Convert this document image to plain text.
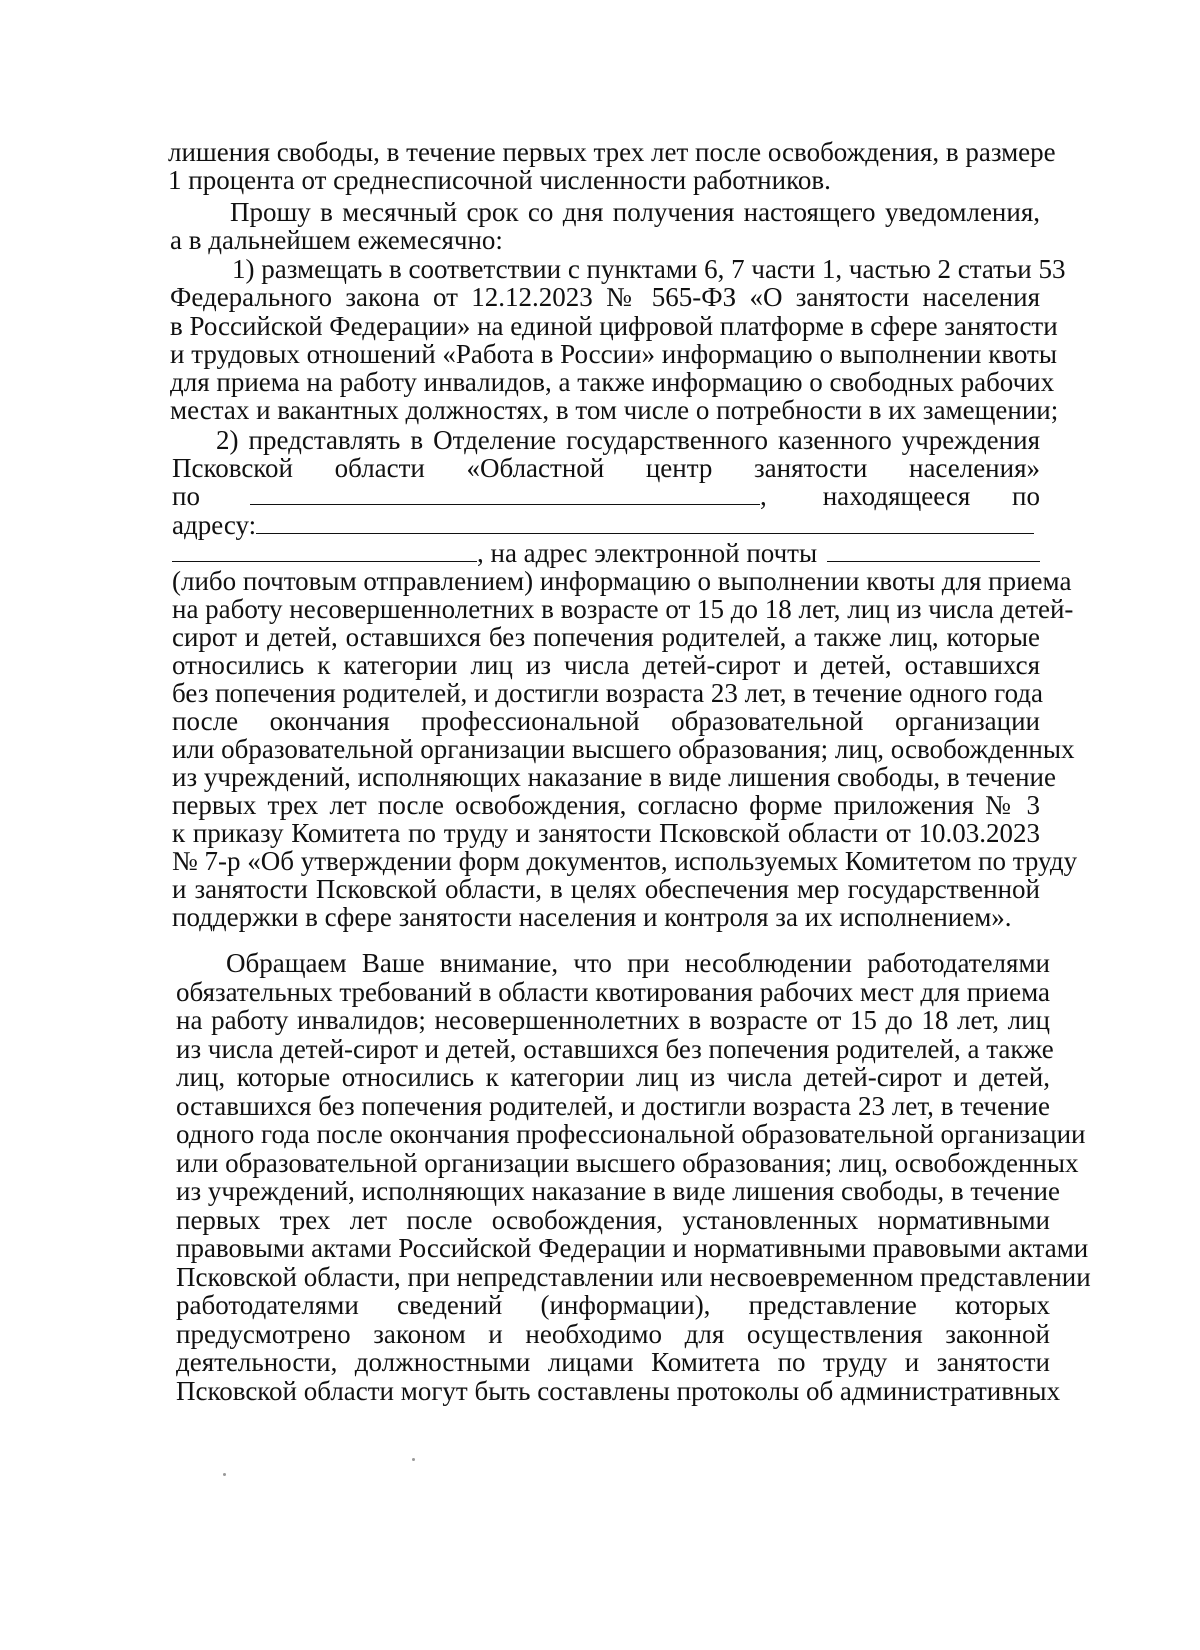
лишения свободы, в течение первых трех лет после освобождения, в размере
1 процента от среднесписочной численности работников.
Прошу в месячный срок со дня получения настоящего уведомления,
а в дальнейшем ежемесячно:
1) размещать в соответствии с пунктами 6, 7 части 1, частью 2 статьи 53
Федерального закона от 12.12.2023 № 565-ФЗ «О занятости населения
в Российской Федерации» на единой цифровой платформе в сфере занятости
и трудовых отношений «Работа в России» информацию о выполнении квоты
для приема на работу инвалидов, а также информацию о свободных рабочих
местах и вакантных должностях, в том числе о потребности в их замещении;
2) представлять в Отделение государственного казенного учреждения
Псковской области «Областной центр занятости населения»
по	, находящееся по
адресу:
, на адрес электронной почты
(либо почтовым отправлением) информацию о выполнении квоты для приема
на работу несовершеннолетних в возрасте от 15 до 18 лет, лиц из числа детей-
сирот и детей, оставшихся без попечения родителей, а также лиц, которые
относились к категории лиц из числа детей-сирот и детей, оставшихся
без попечения родителей, и достигли возраста 23 лет, в течение одного года
после окончания профессиональной образовательной организации
или образовательной организации высшего образования; лиц, освобожденных
из учреждений, исполняющих наказание в виде лишения свободы, в течение
первых трех лет после освобождения, согласно форме приложения № 3
к приказу Комитета по труду и занятости Псковской области от 10.03.2023
№ 7-р «Об утверждении форм документов, используемых Комитетом по труду
и занятости Псковской области, в целях обеспечения мер государственной
поддержки в сфере занятости населения и контроля за их исполнением».
Обращаем Ваше внимание, что при несоблюдении работодателями
обязательных требований в области квотирования рабочих мест для приема
на работу инвалидов; несовершеннолетних в возрасте от 15 до 18 лет, лиц
из числа детей-сирот и детей, оставшихся без попечения родителей, а также
лиц, которые относились к категории лиц из числа детей-сирот и детей,
оставшихся без попечения родителей, и достигли возраста 23 лет, в течение
одного года после окончания профессиональной образовательной организации
или образовательной организации высшего образования; лиц, освобожденных
из учреждений, исполняющих наказание в виде лишения свободы, в течение
первых трех лет после освобождения, установленных нормативными
правовыми актами Российской Федерации и нормативными правовыми актами
Псковской области, при непредставлении или несвоевременном представлении
работодателями сведений (информации), представление которых
предусмотрено законом и необходимо для осуществления законной
деятельности, должностными лицами Комитета по труду и занятости
Псковской области могут быть составлены протоколы об административных
